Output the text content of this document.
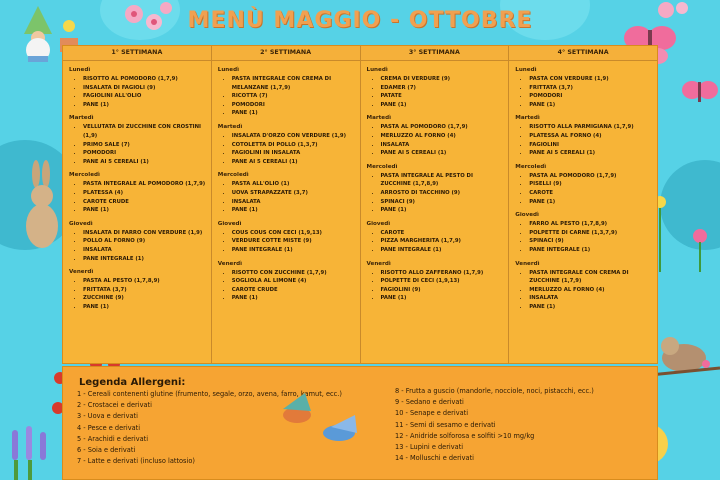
MENÙ MAGGIO - OTTOBRE
1° SETTIMANA
Lunedì
• RISOTTO AL POMODORO (1,7,9)
• INSALATA DI FAGIOLI (9)
• FAGIOLINI ALL'OLIO
• PANE (1)
Martedì
• VELLUTATA DI ZUCCHINE CON CROSTINI (1,9)
• PRIMO SALE (7)
• POMODORI
• PANE AI 5 CEREALI (1)
Mercoledì
• PASTA INTEGRALE AL POMODORO (1,7,9)
• PLATESSA (4)
• CAROTE CRUDE
• PANE (1)
Giovedì
• INSALATA DI FARRO CON VERDURE (1,9)
• POLLO AL FORNO (9)
• INSALATA
• PANE INTEGRALE (1)
Venerdì
• PASTA AL PESTO (1,7,8,9)
• FRITTATA (3,7)
• ZUCCHINE (9)
• PANE (1)
2° SETTIMANA
Lunedì
• PASTA INTEGRALE CON CREMA DI MELANZANE (1,7,9)
• RICOTTA (7)
• POMODORI
• PANE (1)
Martedì
• INSALATA D'ORZO CON VERDURE (1,9)
• COTOLETTA DI POLLO (1,3,7)
• FAGIOLINI IN INSALATA
• PANE AI 5 CEREALI (1)
Mercoledì
• PASTA ALL'OLIO (1)
• UOVA STRAPAZZATE (3,7)
• INSALATA
• PANE (1)
Giovedì
• COUS COUS CON CECI (1,9,13)
• VERDURE COTTE MISTE (9)
• PANE INTEGRALE (1)
Venerdì
• RISOTTO CON ZUCCHINE (1,7,9)
• SOGLIOLA AL LIMONE (4)
• CAROTE CRUDE
• PANE (1)
3° SETTIMANA
Lunedì
• CREMA DI VERDURE (9)
• EDAMER (7)
• PATATE
• PANE (1)
Martedì
• PASTA AL POMODORO (1,7,9)
• MERLUZZO AL FORNO (4)
• INSALATA
• PANE AI 5 CEREALI (1)
Mercoledì
• PASTA INTEGRALE AL PESTO DI ZUCCHINE (1,7,8,9)
• ARROSTO DI TACCHINO (9)
• SPINACI (9)
• PANE (1)
Giovedì
• CAROTE
• PIZZA MARGHERITA (1,7,9)
• PANE INTEGRALE (1)
Venerdì
• RISOTTO ALLO ZAFFERANO (1,7,9)
• POLPETTE DI CECI (1,9,13)
• FAGIOLINI (9)
• PANE (1)
4° SETTIMANA
Lunedì
• PASTA CON VERDURE (1,9)
• FRITTATA (3,7)
• POMODORI
• PANE (1)
Martedì
• RISOTTO ALLA PARMIGIANA (1,7,9)
• PLATESSA AL FORNO (4)
• FAGIOLINI
• PANE AI 5 CEREALI (1)
Mercoledì
• PASTA AL POMODORO (1,7,9)
• PISELLI (9)
• CAROTE
• PANE (1)
Giovedì
• FARRO AL PESTO (1,7,8,9)
• POLPETTE DI CARNE (1,3,7,9)
• SPINACI (9)
• PANE INTEGRALE (1)
Venerdì
• PASTA INTEGRALE CON CREMA DI ZUCCHINE (1,7,9)
• MERLUZZO AL FORNO (4)
• INSALATA
• PANE (1)
Legenda Allergeni:
1 - Cereali contenenti glutine (frumento, segale, orzo, avena, farro, kamut, ecc.)
2 - Crostacei e derivati
3 - Uova e derivati
4 - Pesce e derivati
5 - Arachidi e derivati
6 - Soia e derivati
7 - Latte e derivati (incluso lattosio)
8 - Frutta a guscio (mandorle, nocciole, noci, pistacchi, ecc.)
9 - Sedano e derivati
10 - Senape e derivati
11 - Semi di sesamo e derivati
12 - Anidride solforosa e solfiti >10 mg/kg
13 - Lupini e derivati
14 - Molluschi e derivati
